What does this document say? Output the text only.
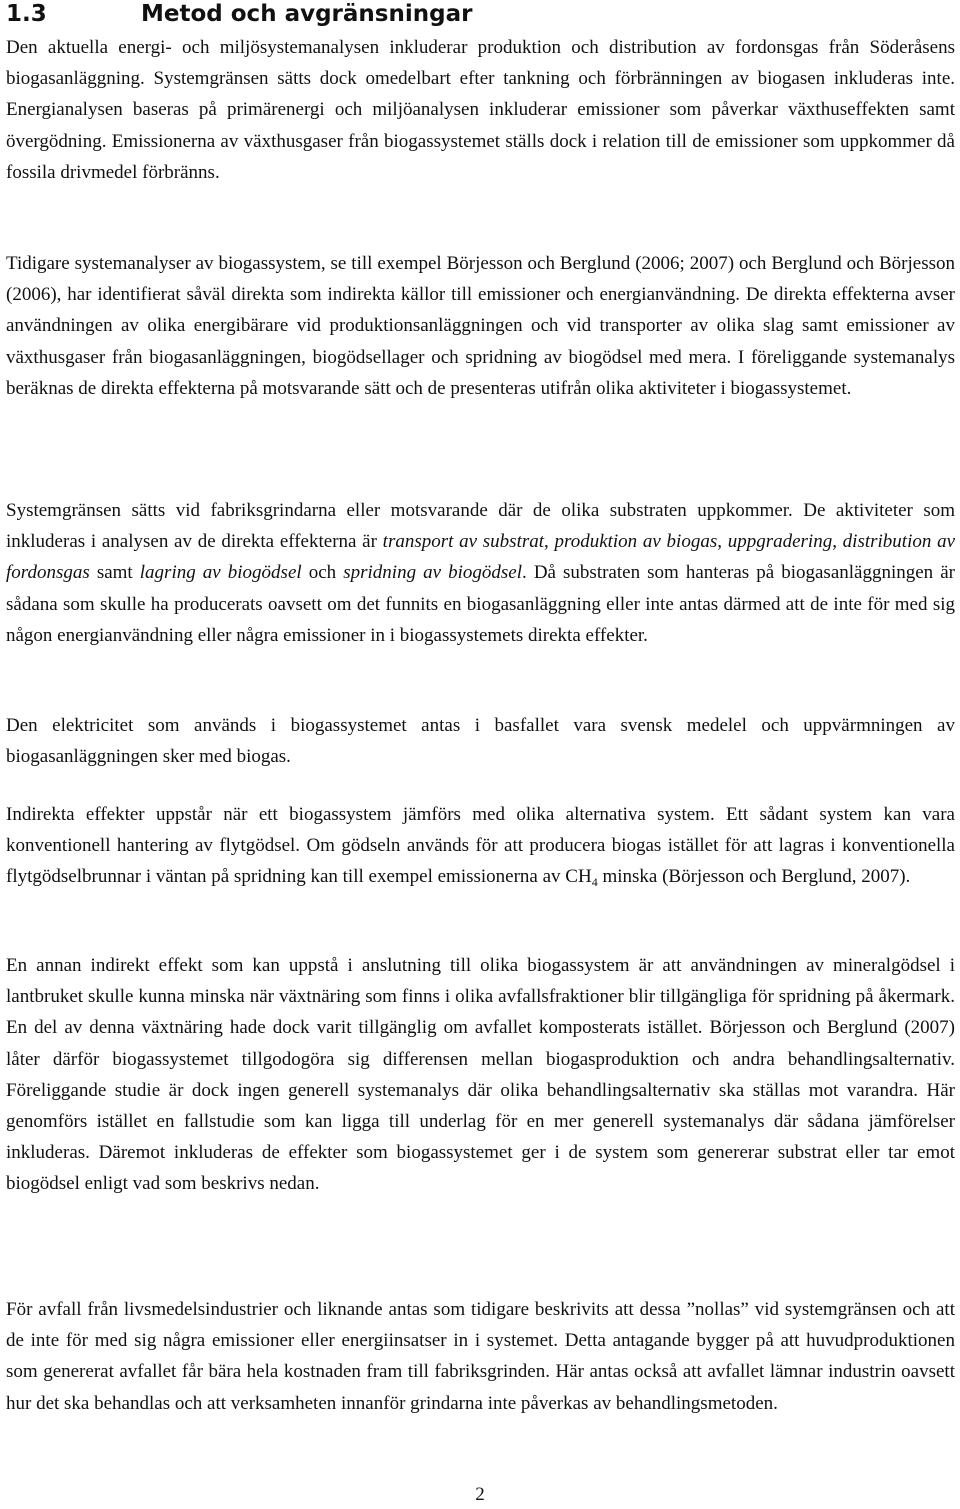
1.3	Metod och avgränsningar

Den aktuella energi- och miljösystemanalysen inkluderar produktion och distribution av fordonsgas från Söderåsens biogasanläggning. Systemgränsen sätts dock omedelbart efter tankning och förbränningen av biogasen inkluderas inte. Energianalysen baseras på primärenergi och miljöanalysen inkluderar emissioner som påverkar växthuseffekten samt övergödning. Emissionerna av växthusgaser från biogassystemet ställs dock i relation till de emissioner som uppkommer då fossila drivmedel förbränns.

Tidigare systemanalyser av biogassystem, se till exempel Börjesson och Berglund (2006; 2007) och Berglund och Börjesson (2006), har identifierat såväl direkta som indirekta källor till emissioner och energianvändning. De direkta effekterna avser användningen av olika energibärare vid produktionsanläggningen och vid transporter av olika slag samt emissioner av växthusgaser från biogasanläggningen, biogödsellager och spridning av biogödsel med mera. I föreliggande systemanalys beräknas de direkta effekterna på motsvarande sätt och de presenteras utifrån olika aktiviteter i biogassystemet.

Systemgränsen sätts vid fabriksgrindarna eller motsvarande där de olika substraten uppkommer. De aktiviteter som inkluderas i analysen av de direkta effekterna är transport av substrat, produktion av biogas, uppgradering, distribution av fordonsgas samt lagring av biogödsel och spridning av biogödsel. Då substraten som hanteras på biogasanläggningen är sådana som skulle ha producerats oavsett om det funnits en biogasanläggning eller inte antas därmed att de inte för med sig någon energianvändning eller några emissioner in i biogassystemets direkta effekter.

Den elektricitet som används i biogassystemet antas i basfallet vara svensk medelel och uppvärmningen av biogasanläggningen sker med biogas.

Indirekta effekter uppstår när ett biogassystem jämförs med olika alternativa system. Ett sådant system kan vara konventionell hantering av flytgödsel. Om gödseln används för att producera biogas istället för att lagras i konventionella flytgödselbrunnar i väntan på spridning kan till exempel emissionerna av $CH_4$ minska (Börjesson och Berglund, 2007).

En annan indirekt effekt som kan uppstå i anslutning till olika biogassystem är att användningen av mineralgödsel i lantbruket skulle kunna minska när växtnäring som finns i olika avfallsfraktioner blir tillgängliga för spridning på åkermark. En del av denna växtnäring hade dock varit tillgänglig om avfallet komposterats istället. Börjesson och Berglund (2007) låter därför biogassystemet tillgodogöra sig differensen mellan biogasproduktion och andra behandlingsalternativ. Föreliggande studie är dock ingen generell systemanalys där olika behandlingsalternativ ska ställas mot varandra. Här genomförs istället en fallstudie som kan ligga till underlag för en mer generell systemanalys där sådana jämförelser inkluderas. Däremot inkluderas de effekter som biogassystemet ger i de system som genererar substrat eller tar emot biogödsel enligt vad som beskrivs nedan.

För avfall från livsmedelsindustrier och liknande antas som tidigare beskrivits att dessa ”nollas” vid systemgränsen och att de inte för med sig några emissioner eller energiinsatser in i systemet. Detta antagande bygger på att huvudproduktionen som genererat avfallet får bära hela kostnaden fram till fabriksgrinden. Här antas också att avfallet lämnar industrin oavsett hur det ska behandlas och att verksamheten innanför grindarna inte påverkas av behandlingsmetoden.

2
